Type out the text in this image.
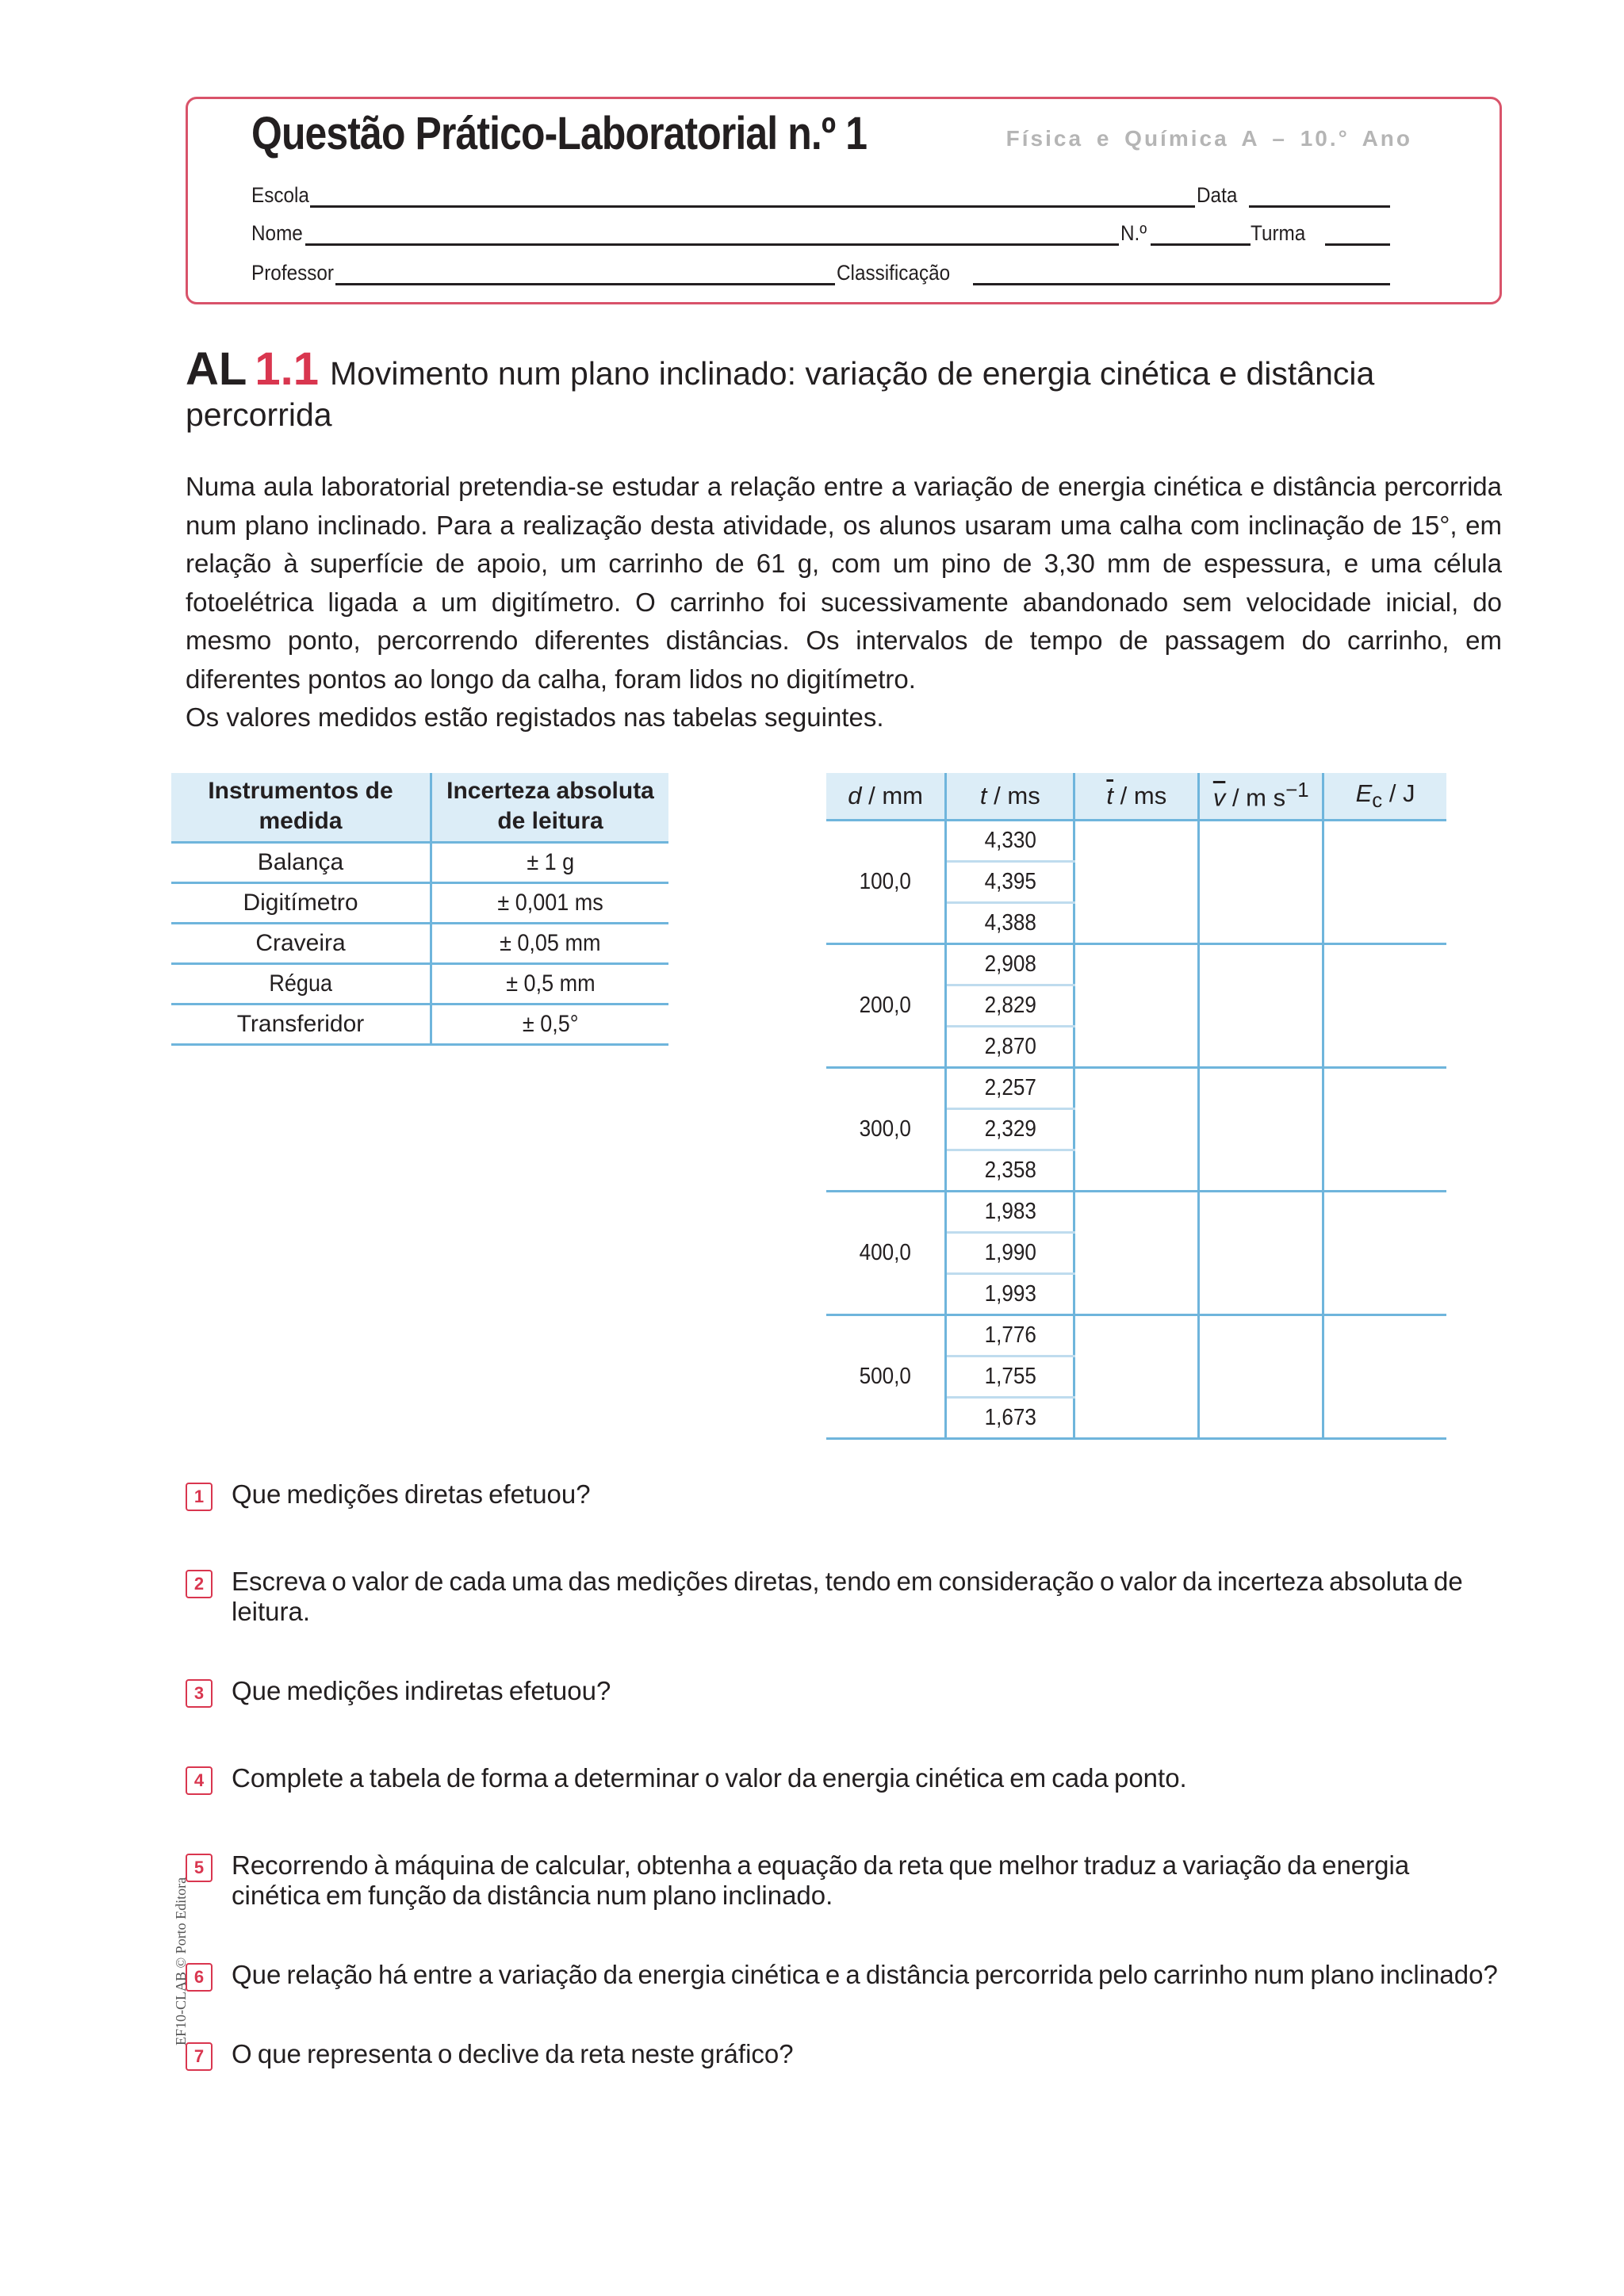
Questão Prático-Laboratorial n.º 1	Física e Química A – 10.° Ano
Escola	Data
Nome	N.º	Turma
Professor	Classificação
AL 1.1 Movimento num plano inclinado: variação de energia cinética e distância
percorrida

Numa aula laboratorial pretendia-se estudar a relação entre a variação de energia cinética e distância percorrida num plano inclinado. Para a realização desta atividade, os alunos usaram uma calha com inclinação de 15°, em relação à superfície de apoio, um carrinho de 61 g, com um pino de 3,30 mm de espessura, e uma célula fotoelétrica ligada a um digitímetro. O carrinho foi sucessivamente abandonado sem velocidade inicial, do mesmo ponto, percorrendo diferentes distâncias. Os intervalos de tempo de passagem do carrinho, em diferentes pontos ao longo da calha, foram lidos no digitímetro.

Os valores medidos estão registados nas tabelas seguintes.

Instrumentos de medida	Incerteza absoluta de leitura
Balança	± 1 g
Digitímetro	± 0,001 ms
Craveira	± 0,05 mm
Régua	± 0,5 mm
Transferidor	± 0,5°
d / mm	t / ms	$\overline{t}$ / ms	$\overline{v}$ / m $s^{-1}$	$E_c$ / J
100,0	4,330			
	4,395			
	4,388			
200,0	2,908			
	2,829			
	2,870			
300,0	2,257			
	2,329			
	2,358			
400,0	1,983			
	1,990			
	1,993			
500,0	1,776			
	1,755			
	1,673			
1	Que medições diretas efetuou?
2	Escreva o valor de cada uma das medições diretas, tendo em consideração o valor da incerteza absoluta de leitura.
3	Que medições indiretas efetuou?
4	Complete a tabela de forma a determinar o valor da energia cinética em cada ponto.
5	Recorrendo à máquina de calcular, obtenha a equação da reta que melhor traduz a variação da energia cinética em função da distância num plano inclinado.
6	Que relação há entre a variação da energia cinética e a distância percorrida pelo carrinho num plano inclinado?
7	O que representa o declive da reta neste gráfico?
EF10-CLAB © Porto Editora
